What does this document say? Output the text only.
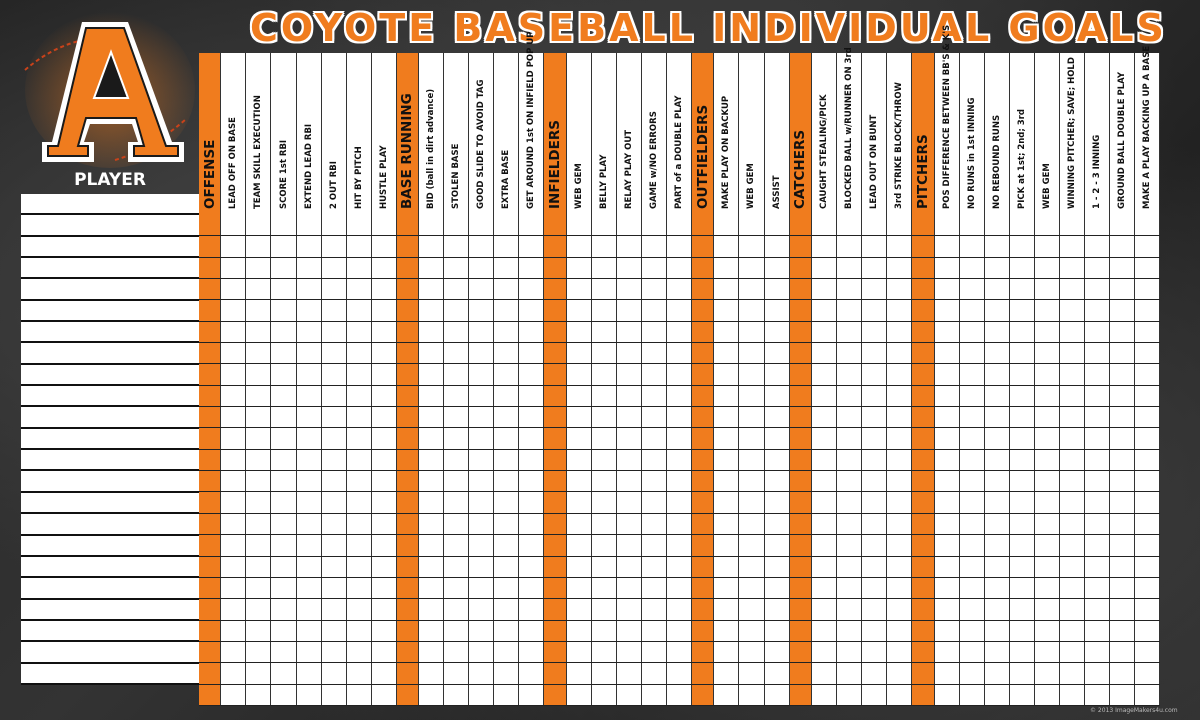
COYOTE BASEBALL INDIVIDUAL GOALS
PLAYER	OFFENSE LEAD OFF ON BASE TEAM SKILL EXECUTION SCORE 1st RBI EXTEND LEAD RBI 2 OUT RBI HIT BY PITCH HUSTLE PLAY BASE RUNNING BID (ball in dirt advance) STOLEN BASE GOOD SLIDE TO AVOID TAG EXTRA BASE GET AROUND 1st ON INFIELD POP UP INFIELDERS WEB GEM BELLY PLAY RELAY PLAY OUT GAME w/NO ERRORS PART of a DOUBLE PLAY OUTFIELDERS MAKE PLAY ON BACKUP WEB GEM ASSIST CATCHERS CAUGHT STEALING/PICK BLOCKED BALL w/RUNNER ON 3rd LEAD OUT ON BUNT 3rd STRIKE BLOCK/THROW PITCHERS POS DIFFERENCE BETWEEN BB'S & K'S NO RUNS in 1st INNING NO REBOUND RUNS PICK at 1st; 2nd; 3rd WEB GEM WINNING PITCHER; SAVE; HOLD 1 - 2 - 3 INNING GROUND BALL DOUBLE PLAY MAKE A PLAY BACKING UP A BASE
© 2013 ImageMakers4u.com
